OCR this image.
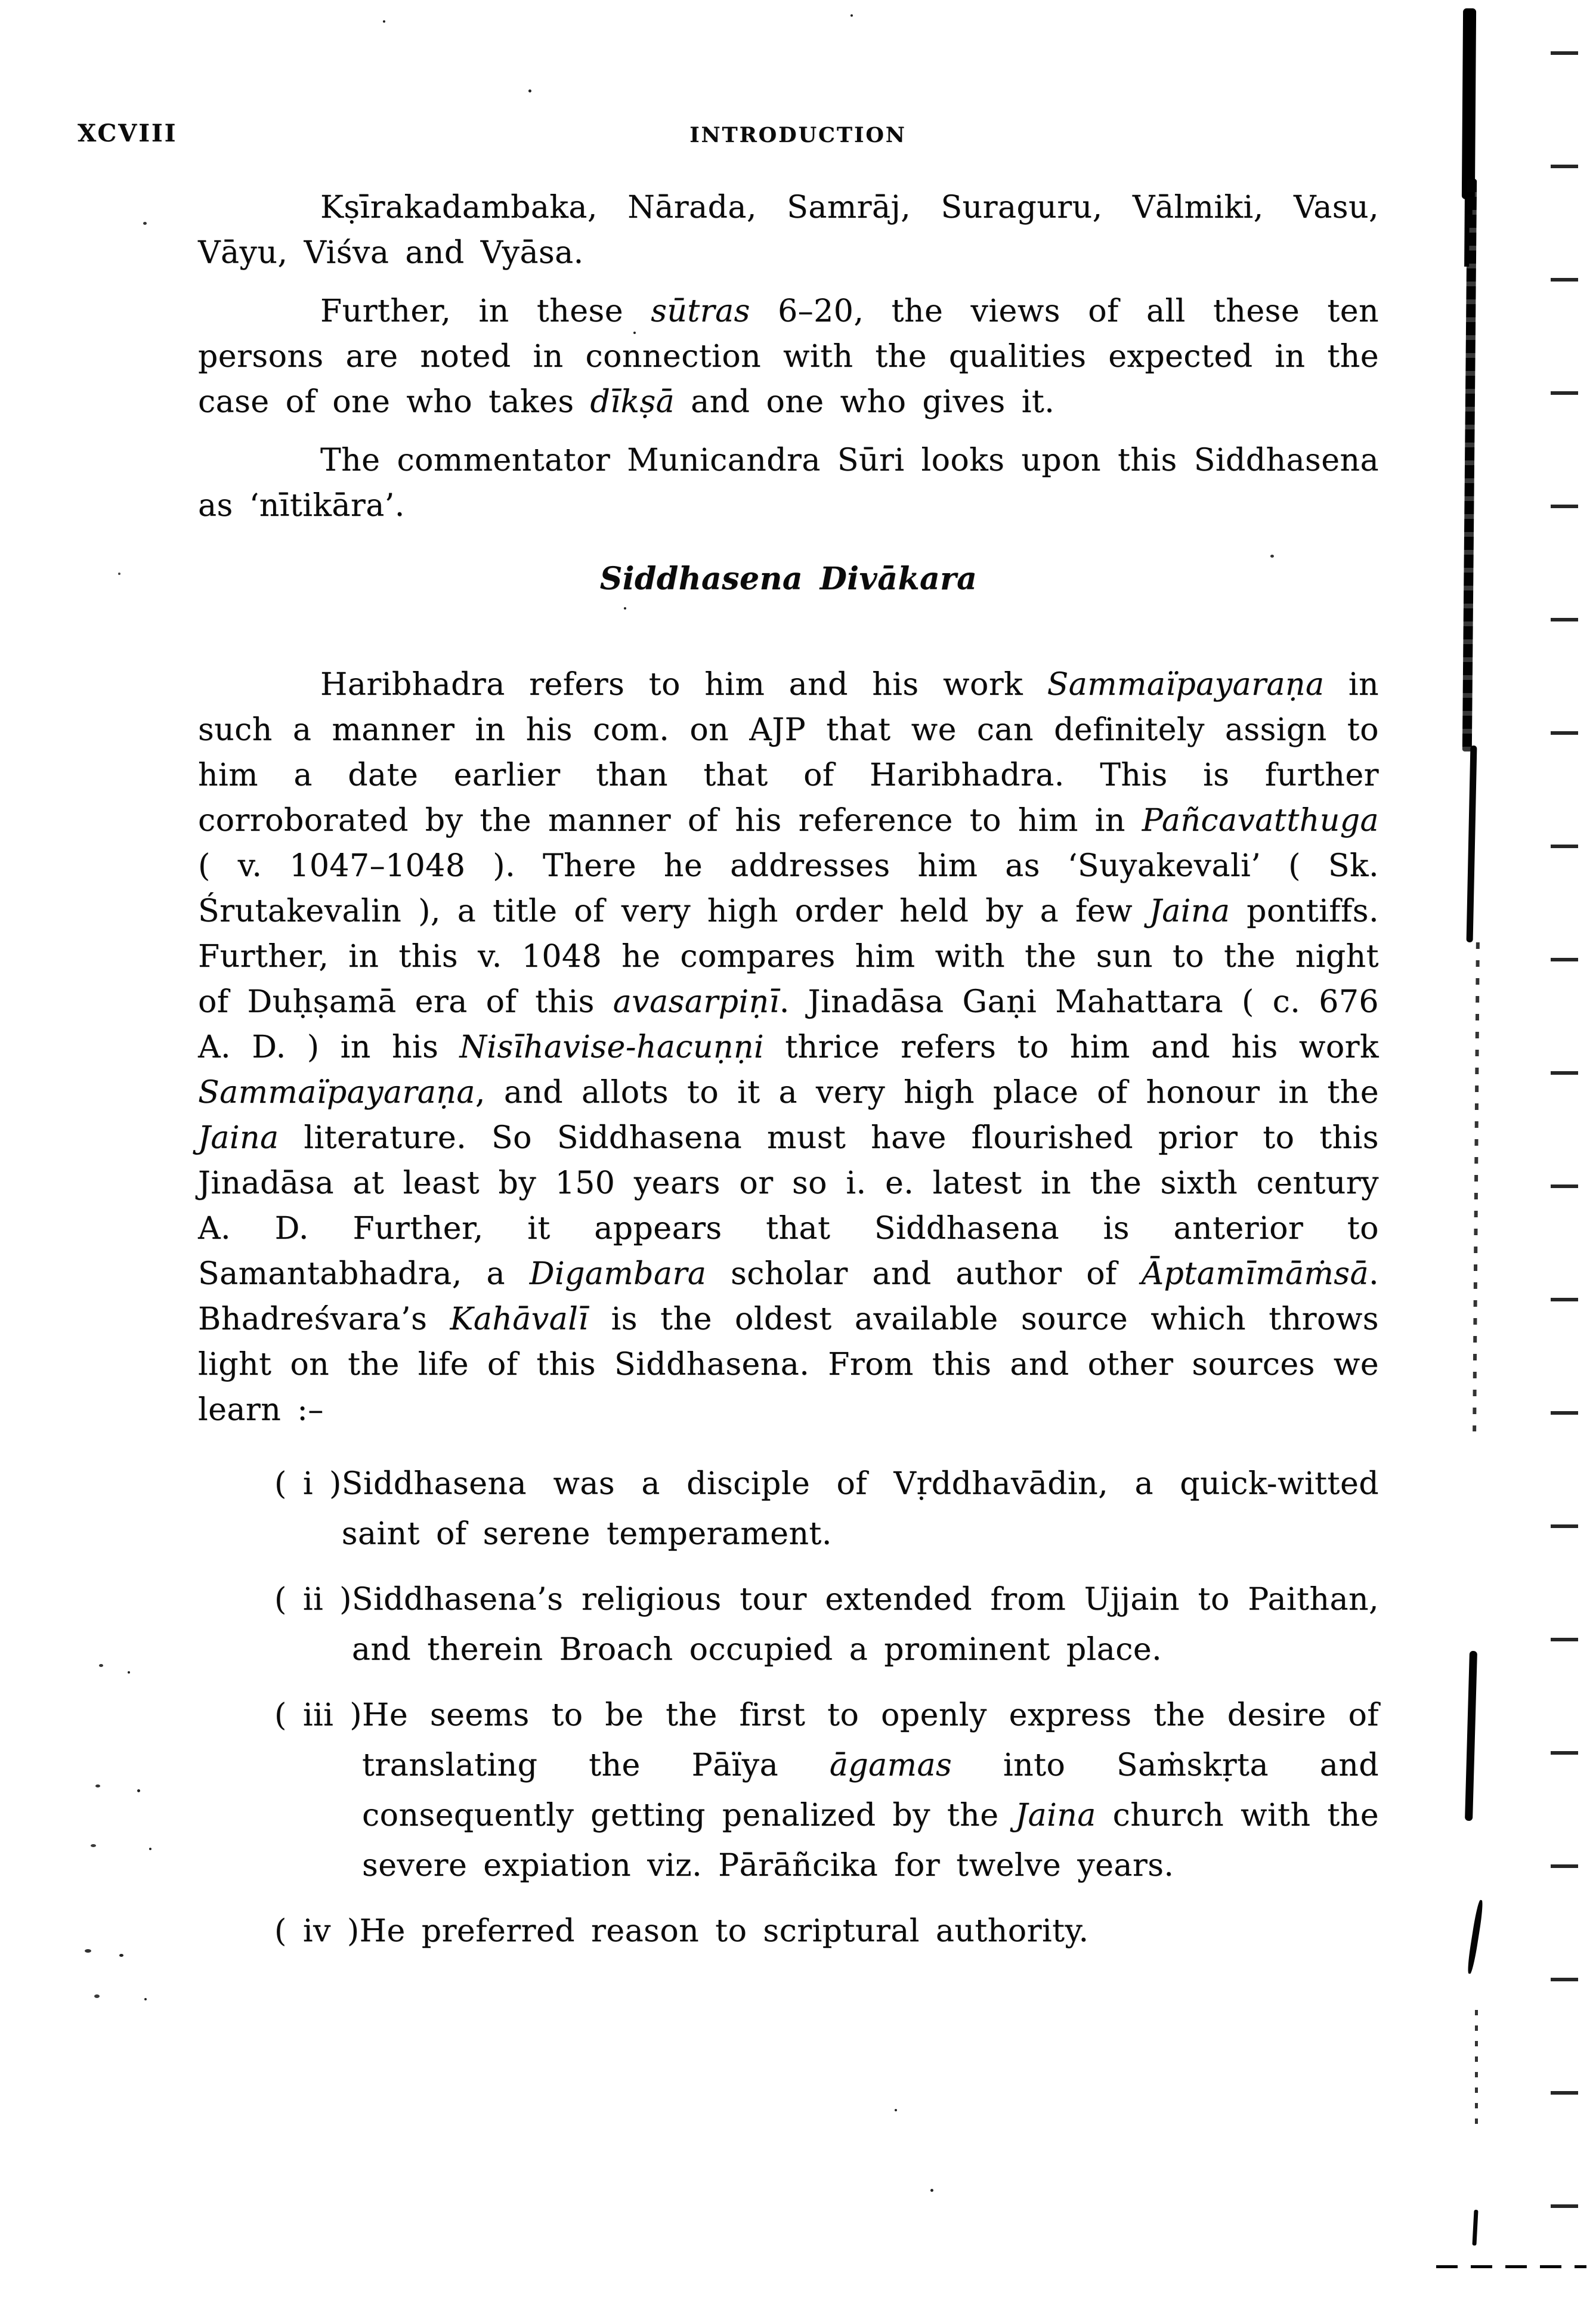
XCVIII	INTRODUCTION

Kṣīrakadambaka, Nārada, Samrāj, Suraguru, Vālmiki, Vasu, Vāyu, Viśva and Vyāsa.

Further, in these sūtras 6–20, the views of all these ten persons are noted in connection with the qualities expected in the case of one who takes dīkṣā and one who gives it.

The commentator Municandra Sūri looks upon this Siddhasena as ‘nītikāra’.

Siddhasena Divākara

Haribhadra refers to him and his work Sammaïpayaraṇa in such a manner in his com. on AJP that we can definitely assign to him a date earlier than that of Haribhadra. This is further corroborated by the manner of his reference to him in Pañcavatthuga ( v. 1047–1048 ). There he addresses him as ‘Suyakevali’ ( Sk. Śrutakevalin ), a title of very high order held by a few Jaina pontiffs. Further, in this v. 1048 he compares him with the sun to the night of Duḥṣamā era of this avasarpiṇī. Jinadāsa Gaṇi Mahattara ( c. 676 A. D. ) in his Nisīhavise-hacuṇṇi thrice refers to him and his work Sammaïpayaraṇa, and allots to it a very high place of honour in the Jaina literature. So Siddhasena must have flourished prior to this Jinadāsa at least by 150 years or so i. e. latest in the sixth century A. D. Further, it appears that Siddhasena is anterior to Samantabhadra, a Digambara scholar and author of Āptamīmāṁsā. Bhadreśvara’s Kahāvalī is the oldest available source which throws light on the life of this Siddhasena. From this and other sources we learn :–

( i ) Siddhasena was a disciple of Vṛddhavādin, a quick-witted saint of serene temperament.
( ii ) Siddhasena’s religious tour extended from Ujjain to Paithan, and therein Broach occupied a prominent place.
( iii ) He seems to be the first to openly express the desire of translating the Pāïya āgamas into Saṁskṛta and consequently getting penalized by the Jaina church with the severe expiation viz. Pārāñcika for twelve years.
( iv ) He preferred reason to scriptural authority.
